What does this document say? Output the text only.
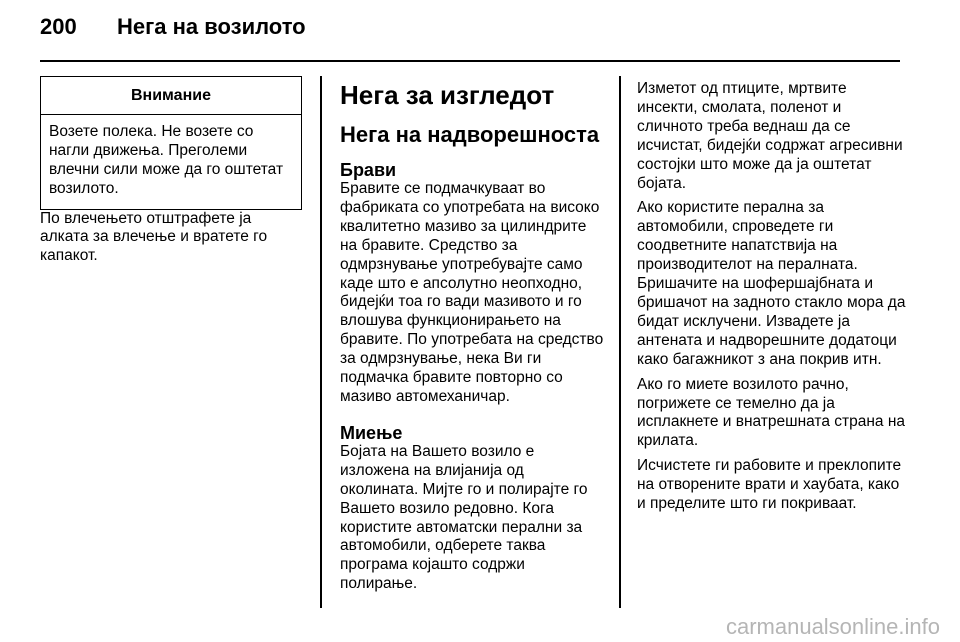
200	Нега на возилото
Внимание
Возете полека. Не возете со нагли движења. Преголеми влечни сили може да го оштетат возилото.

По влечењето отштрафете ја алката за влечење и вратете го капакот.

Нега за изгледот
Нега на надворешноста
Брави

Бравите се подмачкуваат во фабриката со употребата на високо квалитетно мазиво за цилиндрите на бравите. Средство за одмрзнување употребувајте само каде што е апсолутно неопходно, бидејќи тоа го вади мазивото и го влошува функционирањето на бравите. По употребата на средство за одмрзнување, нека Ви ги подмачка бравите повторно со мазиво автомеханичар.

Миење

Бојата на Вашето возило е изложена на влијанија од околината. Мијте го и полирајте го Вашето возило редовно. Кога користите автоматски перални за автомобили, одберете таква програма којашто содржи полирање.

Изметот од птиците, мртвите инсекти, смолата, поленот и сличното треба веднаш да се исчистат, бидејќи содржат агресивни состојки што може да ја оштетат бојата.

Ако користите перална за автомобили, спроведете ги соодветните напатствија на производителот на пералната. Бришачите на шофершајбната и бришачот на задното стакло мора да бидат исклучени. Извадете ја антената и надворешните додатоци како багажникот з ана покрив итн.

Ако го миете возилото рачно, погрижете се темелно да ја исплакнете и внатрешната страна на крилата.

Исчистете ги рабовите и преклопите на отворените врати и хаубата, како и пределите што ги покриваат.

carmanualsonline.info
